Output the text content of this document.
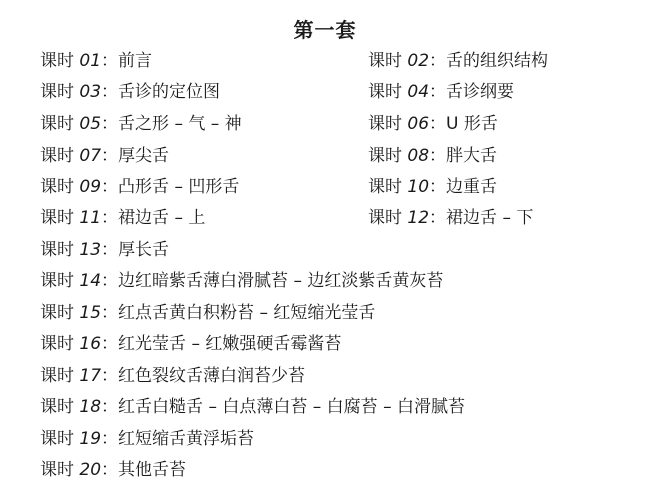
第一套
课时 01：前言	课时 02：舌的组织结构
课时 03：舌诊的定位图	课时 04：舌诊纲要
课时 05：舌之形 – 气 – 神	课时 06：U 形舌
课时 07：厚尖舌	课时 08：胖大舌
课时 09：凸形舌 – 凹形舌	课时 10：边重舌
课时 11：裙边舌 – 上	课时 12：裙边舌 – 下
课时 13：厚长舌
课时 14：边红暗紫舌薄白滑腻苔 – 边红淡紫舌黄灰苔
课时 15：红点舌黄白积粉苔 – 红短缩光莹舌
课时 16：红光莹舌 – 红嫩强硬舌霉酱苔
课时 17：红色裂纹舌薄白润苔少苔
课时 18：红舌白糙舌 – 白点薄白苔 – 白腐苔 – 白滑腻苔
课时 19：红短缩舌黄浮垢苔
课时 20：其他舌苔
